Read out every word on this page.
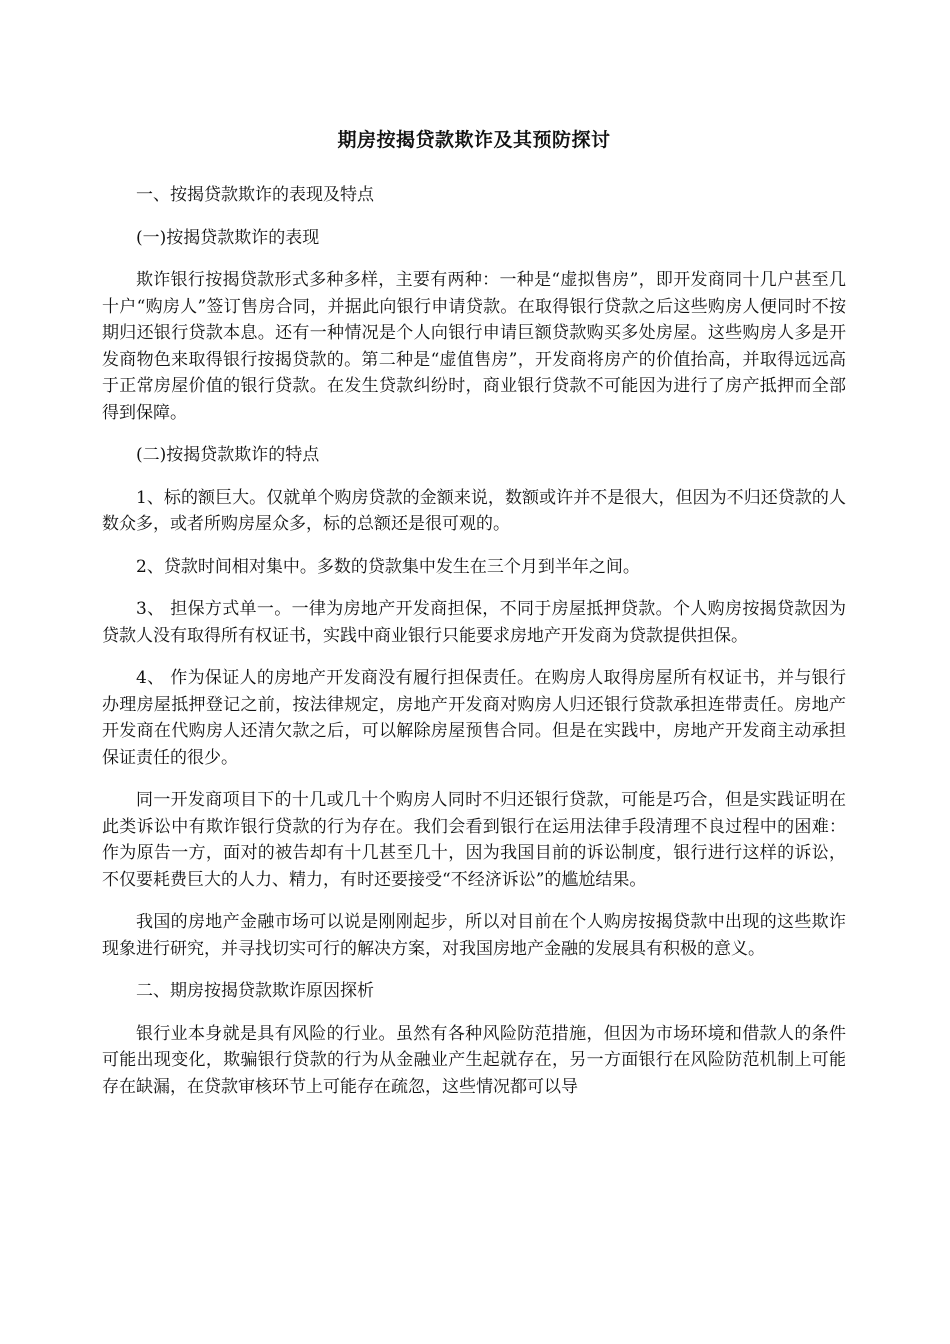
期房按揭贷款欺诈及其预防探讨
一、按揭贷款欺诈的表现及特点
(一)按揭贷款欺诈的表现

欺诈银行按揭贷款形式多种多样，主要有两种：一种是“虚拟售房”，即开发商同十几户甚至几十户“购房人”签订售房合同，并据此向银行申请贷款。在取得银行贷款之后这些购房人便同时不按期归还银行贷款本息。还有一种情况是个人向银行申请巨额贷款购买多处房屋。这些购房人多是开发商物色来取得银行按揭贷款的。第二种是“虚值售房”，开发商将房产的价值抬高，并取得远远高于正常房屋价值的银行贷款。在发生贷款纠纷时，商业银行贷款不可能因为进行了房产抵押而全部得到保障。

(二)按揭贷款欺诈的特点

1、标的额巨大。仅就单个购房贷款的金额来说，数额或许并不是很大，但因为不归还贷款的人数众多，或者所购房屋众多，标的总额还是很可观的。

2、贷款时间相对集中。多数的贷款集中发生在三个月到半年之间。

3、 担保方式单一。一律为房地产开发商担保，不同于房屋抵押贷款。个人购房按揭贷款因为贷款人没有取得所有权证书，实践中商业银行只能要求房地产开发商为贷款提供担保。

4、 作为保证人的房地产开发商没有履行担保责任。在购房人取得房屋所有权证书，并与银行办理房屋抵押登记之前，按法律规定，房地产开发商对购房人归还银行贷款承担连带责任。房地产开发商在代购房人还清欠款之后，可以解除房屋预售合同。但是在实践中，房地产开发商主动承担保证责任的很少。

同一开发商项目下的十几或几十个购房人同时不归还银行贷款，可能是巧合，但是实践证明在此类诉讼中有欺诈银行贷款的行为存在。我们会看到银行在运用法律手段清理不良过程中的困难：作为原告一方，面对的被告却有十几甚至几十，因为我国目前的诉讼制度，银行进行这样的诉讼，不仅要耗费巨大的人力、精力，有时还要接受“不经济诉讼”的尴尬结果。

我国的房地产金融市场可以说是刚刚起步，所以对目前在个人购房按揭贷款中出现的这些欺诈现象进行研究，并寻找切实可行的解决方案，对我国房地产金融的发展具有积极的意义。

二、期房按揭贷款欺诈原因探析

银行业本身就是具有风险的行业。虽然有各种风险防范措施，但因为市场环境和借款人的条件可能出现变化，欺骗银行贷款的行为从金融业产生起就存在，另一方面银行在风险防范机制上可能存在缺漏，在贷款审核环节上可能存在疏忽，这些情况都可以导
